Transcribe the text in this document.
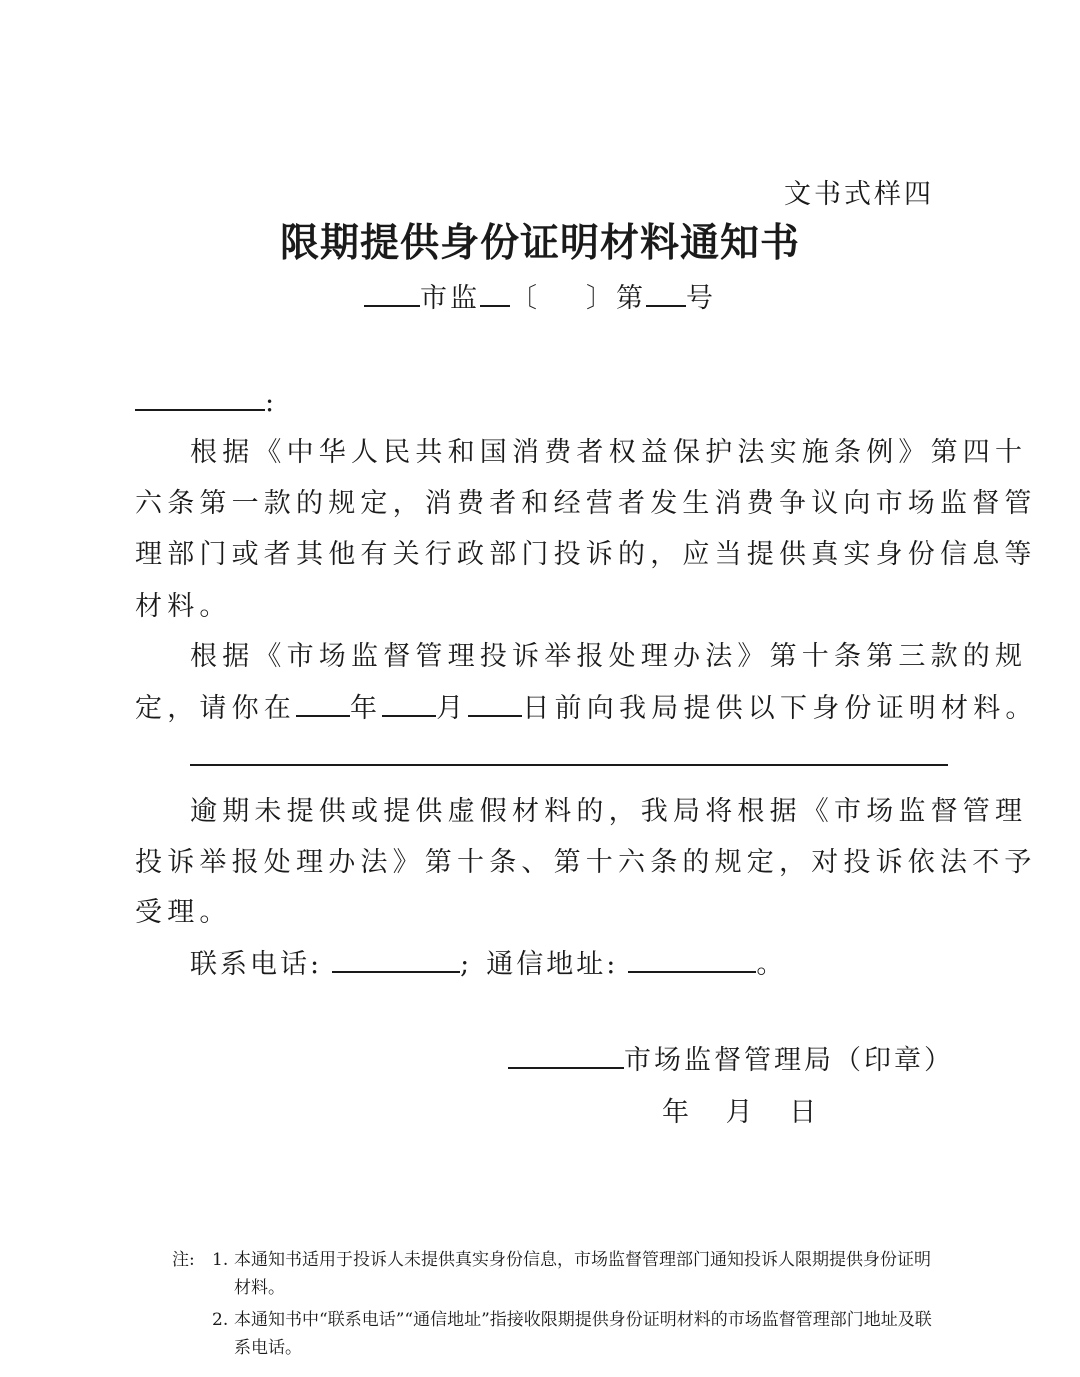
文书式样四
限期提供身份证明材料通知书
市监 〔 〕第 号
:
根据《中华人民共和国消费者权益保护法实施条例》第四十
六条第一款的规定，消费者和经营者发生消费争议向市场监督管
理部门或者其他有关行政部门投诉的，应当提供真实身份信息等
材料。
根据《市场监督管理投诉举报处理办法》第十条第三款的规
定，请你在 年 月 日前向我局提供以下身份证明材料。
逾期未提供或提供虚假材料的，我局将根据《市场监督管理
投诉举报处理办法》第十条、第十六条的规定，对投诉依法不予
受理。
联系电话:	; 通信地址:	。
市场监督管理局（印章）
年 月 日
注:	1. 本通知书适用于投诉人未提供真实身份信息，市场监督管理部门通知投诉人限期提供身份证明材料。
2. 本通知书中“联系电话”“通信地址”指接收限期提供身份证明材料的市场监督管理部门地址及联系电话。
